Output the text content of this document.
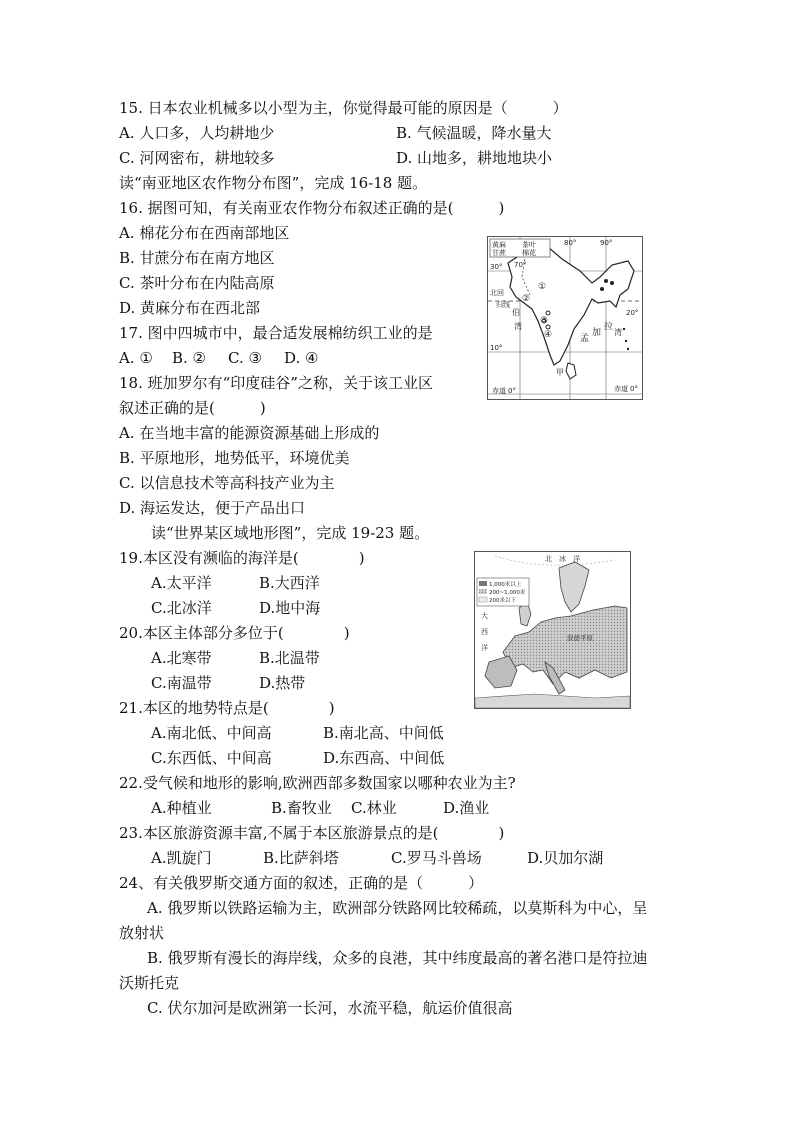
15. 日本农业机械多以小型为主，你觉得最可能的原因是（　　　）
A. 人口多，人均耕地少	B. 气候温暖，降水量大
C. 河网密布，耕地较多	D. 山地多，耕地地块小
读“南亚地区农作物分布图”，完成 16-18 题。
16. 据图可知，有关南亚农作物分布叙述正确的是(　　　)
A. 棉花分布在西南部地区
B. 甘蔗分布在南方地区
C. 茶叶分布在内陆高原
D. 黄麻分布在西北部
17. 图中四城市中，最合适发展棉纺织工业的是
A. ① B. ② C. ③ D. ④
18. 班加罗尔有“印度硅谷”之称，关于该工业区
叙述正确的是(　　　)
A. 在当地丰富的能源资源基础上形成的
B. 平原地形，地势低平，环境优美
C. 以信息技术等高科技产业为主
D. 海运发达，便于产品出口
读“世界某区域地形图”，完成 19-23 题。
19.本区没有濒临的海洋是(　　　　)
A.太平洋	B.大西洋
C.北冰洋	D.地中海
20.本区主体部分多位于(　　　　)
A.北寒带	B.北温带
C.南温带	D.热带
21.本区的地势特点是(　　　　)
A.南北低、中间高	B.南北高、中间低
C.东西低、中间高	D.东西高、中间低
22.受气候和地形的影响,欧洲西部多数国家以哪种农业为主?
A.种植业	B.畜牧业 C.林业	D.渔业
23.本区旅游资源丰富,不属于本区旅游景点的是(　　　　)
A.凯旋门	B.比萨斜塔	C.罗马斗兽场	D.贝加尔湖
24、有关俄罗斯交通方面的叙述，正确的是（　　　）
A. 俄罗斯以铁路运输为主，欧洲部分铁路网比较稀疏，以莫斯科为中心，呈
放射状
B. 俄罗斯有漫长的海岸线，众多的良港，其中纬度最高的著名港口是符拉迪
沃斯托克
C. 伏尔加河是欧洲第一长河，水流平稳，航运价值很高
黄麻 茶叶
甘蔗 棉花
80°	90°
70°
30°
10°
20°
北回
归线
伯
湾
孟
加
拉
湾
①
②
③
④
甲
赤道 0°	赤道 0°
1,000米以上
200~1,000米
200米以下
北　冰　洋
大
西
洋
波德平原
